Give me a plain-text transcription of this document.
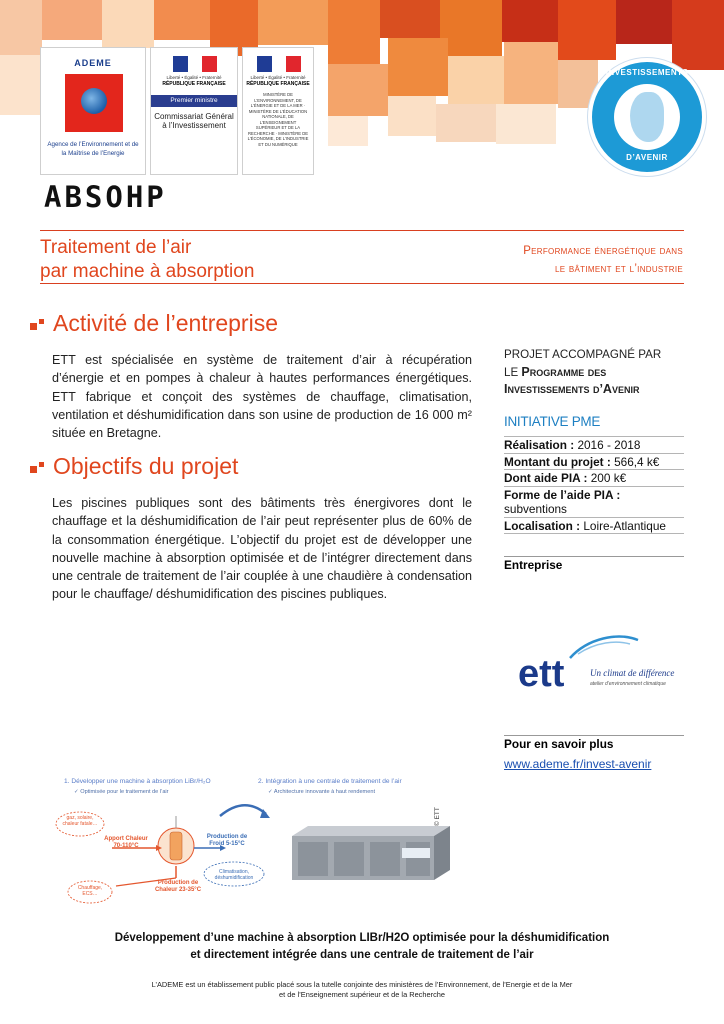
ADEME
Agence de l’Environnement et de la Maîtrise de l’Energie
Liberté • Égalité • Fraternité
RÉPUBLIQUE FRANÇAISE
Premier ministre
Commissariat Général à l’Investissement
Liberté • Égalité • Fraternité
RÉPUBLIQUE FRANÇAISE
MINISTÈRE DE L’ENVIRONNEMENT, DE L’ÉNERGIE ET DE LA MER · MINISTÈRE DE L’ÉDUCATION NATIONALE, DE L’ENSEIGNEMENT SUPÉRIEUR ET DE LA RECHERCHE · MINISTÈRE DE L’ÉCONOMIE, DE L’INDUSTRIE ET DU NUMÉRIQUE
INVESTISSEMENTS
D’AVENIR
ABSOHP
Traitement de l’air
par machine à absorption
Performance énergétique dans
le bâtiment et l’industrie
Activité de l’entreprise
ETT est spécialisée en système de traitement d’air à récupération d’énergie et en pompes à chaleur à hautes performances énergétiques. ETT fabrique et conçoit des systèmes de chauffage, climatisation, ventilation et déshumidification dans son usine de production de 16 000 m² située en Bretagne.
Objectifs du projet
Les piscines publiques sont des bâtiments très énergivores dont le chauffage et la déshumidification de l’air peut représenter plus de 60% de la consommation énergétique. L’objectif du projet est de développer une nouvelle machine à absorption optimisée et de l’intégrer directement dans une centrale de traitement de l’air couplée à une chaudière à condensation pour le chauffage/ déshumidification des piscines publiques.
PROJET ACCOMPAGNÉ PAR
LE Programme des
Investissements d’Avenir
INITIATIVE PME
Réalisation : 2016 - 2018
Montant du projet : 566,4 k€
Dont aide PIA : 200 k€
Forme de l’aide PIA :
subventions
Localisation : Loire-Atlantique
Entreprise
ett	Un climat de différence
atelier d’environnement climatique
Pour en savoir plus
www.ademe.fr/invest-avenir
1. Développer une machine à absorption LiBr/H₂O
✓ Optimisée pour le traitement de l’air
2. Intégration à une centrale de traitement de l’air
✓ Architecture innovante à haut rendement
gaz, solaire, chaleur fatale…
Apport Chaleur 70-110°C
Production de Froid 5-15°C
Climatisation, déshumidification
Production de Chaleur 23-35°C
Chauffage, ECS…
© ETT
Développement d’une machine à absorption LIBr/H2O optimisée pour la déshumidification
et directement intégrée dans une centrale de traitement de l’air
L’ADEME est un établissement public placé sous la tutelle conjointe des ministères de l’Environnement, de l’Energie et de la Mer
et de l’Enseignement supérieur et de la Recherche
